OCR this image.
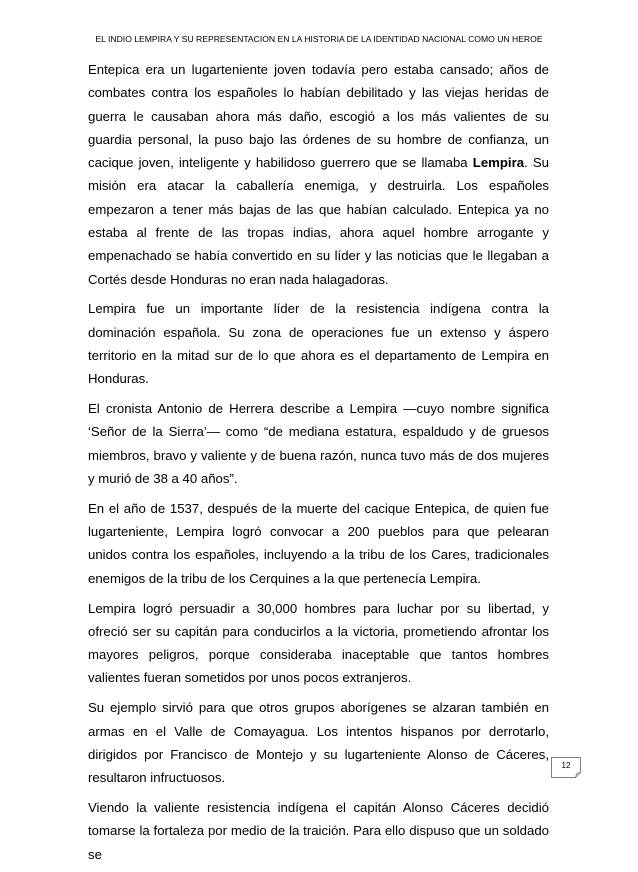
EL INDIO LEMPIRA Y SU REPRESENTACION EN LA HISTORIA DE LA IDENTIDAD NACIONAL COMO UN HEROE

Entepica era un lugarteniente joven todavía pero estaba cansado; años de combates contra los españoles lo habían debilitado y las viejas heridas de guerra le causaban ahora más daño, escogió a los más valientes de su guardia personal, la puso bajo las órdenes de su hombre de confianza, un cacique joven, inteligente y habilidoso guerrero que se llamaba Lempira. Su misión era atacar la caballería enemiga, y destruirla. Los españoles empezaron a tener más bajas de las que habían calculado. Entepica ya no estaba al frente de las tropas indias, ahora aquel hombre arrogante y empenachado se había convertido en su líder y las noticias que le llegaban a Cortés desde Honduras no eran nada halagadoras.

Lempira fue un importante líder de la resistencia indígena contra la dominación española. Su zona de operaciones fue un extenso y áspero territorio en la mitad sur de lo que ahora es el departamento de Lempira en Honduras.

El cronista Antonio de Herrera describe a Lempira —cuyo nombre significa ‘Señor de la Sierra’— como “de mediana estatura, espaldudo y de gruesos miembros, bravo y valiente y de buena razón, nunca tuvo más de dos mujeres y murió de 38 a 40 años”.

En el año de 1537, después de la muerte del cacique Entepica, de quien fue lugarteniente, Lempira logró convocar a 200 pueblos para que pelearan unidos contra los españoles, incluyendo a la tribu de los Cares, tradicionales enemigos de la tribu de los Cerquines a la que pertenecía Lempira.

Lempira logró persuadir a 30,000 hombres para luchar por su libertad, y ofreció ser su capitán para conducirlos a la victoria, prometiendo afrontar los mayores peligros, porque consideraba inaceptable que tantos hombres valientes fueran sometidos por unos pocos extranjeros.

Su ejemplo sirvió para que otros grupos aborígenes se alzaran también en armas en el Valle de Comayagua. Los intentos hispanos por derrotarlo, dirigidos por Francisco de Montejo y su lugarteniente Alonso de Cáceres, resultaron infructuosos.

Viendo la valiente resistencia indígena el capitán Alonso Cáceres decidió tomarse la fortaleza por medio de la traición. Para ello dispuso que un soldado se

12
